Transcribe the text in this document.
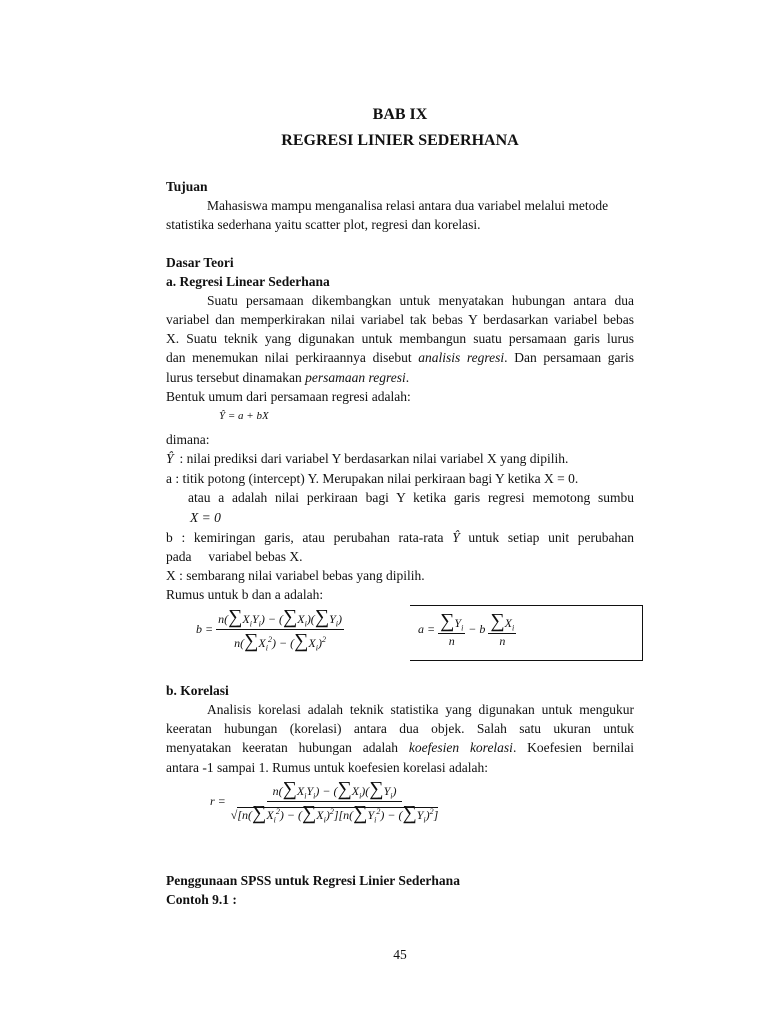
BAB IX

REGRESI LINIER SEDERHANA

Tujuan

Mahasiswa mampu menganalisa relasi antara dua variabel melalui metode

statistika sederhana yaitu scatter plot, regresi dan korelasi.

Dasar Teori

a. Regresi Linear Sederhana

Suatu persamaan dikembangkan untuk menyatakan hubungan antara dua

variabel dan memperkirakan nilai variabel tak bebas Y berdasarkan variabel bebas

X. Suatu teknik yang digunakan untuk membangun suatu persamaan garis lurus

dan menemukan nilai perkiraannya disebut analisis regresi. Dan persamaan garis

lurus tersebut dinamakan persamaan regresi.

Bentuk umum dari persamaan regresi adalah:

Ŷ = a + bX

dimana:

Ŷ : nilai prediksi dari variabel Y berdasarkan nilai variabel X yang dipilih.

a : titik potong (intercept) Y. Merupakan nilai perkiraan bagi Y ketika X = 0.

atau a adalah nilai perkiraan bagi Y ketika garis regresi memotong sumbu

X = 0

b : kemiringan garis, atau perubahan rata-rata Ŷ untuk setiap unit perubahan

pada     variabel bebas X.

X : sembarang nilai variabel bebas yang dipilih.

Rumus untuk b dan a adalah:

$b = \frac{n(\sum X_iY_i) - (\sum X_i)(\sum Y_i)}{n(\sum X_i^2) - (\sum X_i)^2}$	$a = \frac{\sum Y_i}{n} - b \frac{\sum X_i}{n}$

b. Korelasi

Analisis korelasi adalah teknik statistika yang digunakan untuk mengukur

keeratan hubungan (korelasi) antara dua objek. Salah satu ukuran untuk

menyatakan keeratan hubungan adalah koefesien korelasi. Koefesien bernilai

antara -1 sampai 1. Rumus untuk koefesien korelasi adalah:

$r = \frac{n(\sum X_iY_i) - (\sum X_i)(\sum Y_i)}{√[n(\sum X_i^2) - (\sum X_i)^2][n(\sum Y_i^2) - (\sum Y_i)^2]}$

Penggunaan SPSS untuk Regresi Linier Sederhana

Contoh 9.1 :

45
